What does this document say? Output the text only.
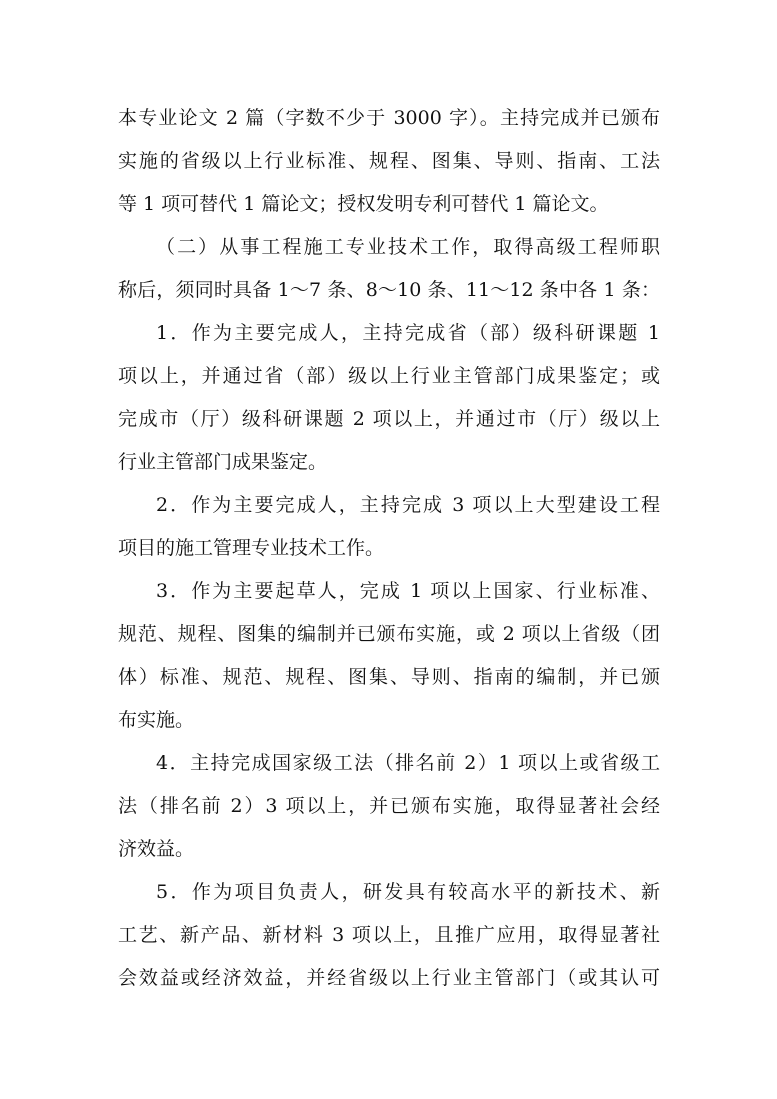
本专业论文 2 篇（字数不少于 3000 字）。主持完成并已颁布
实施的省级以上行业标准、规程、图集、导则、指南、工法
等 1 项可替代 1 篇论文；授权发明专利可替代 1 篇论文。
（二）从事工程施工专业技术工作，取得高级工程师职
称后，须同时具备 1～7 条、8～10 条、11～12 条中各 1 条：
1．作为主要完成人，主持完成省（部）级科研课题 1
项以上，并通过省（部）级以上行业主管部门成果鉴定；或
完成市（厅）级科研课题 2 项以上，并通过市（厅）级以上
行业主管部门成果鉴定。
2．作为主要完成人，主持完成 3 项以上大型建设工程
项目的施工管理专业技术工作。
3．作为主要起草人，完成 1 项以上国家、行业标准、
规范、规程、图集的编制并已颁布实施，或 2 项以上省级（团
体）标准、规范、规程、图集、导则、指南的编制，并已颁
布实施。
4．主持完成国家级工法（排名前 2）1 项以上或省级工
法（排名前 2）3 项以上，并已颁布实施，取得显著社会经
济效益。
5．作为项目负责人，研发具有较高水平的新技术、新
工艺、新产品、新材料 3 项以上，且推广应用，取得显著社
会效益或经济效益，并经省级以上行业主管部门（或其认可
